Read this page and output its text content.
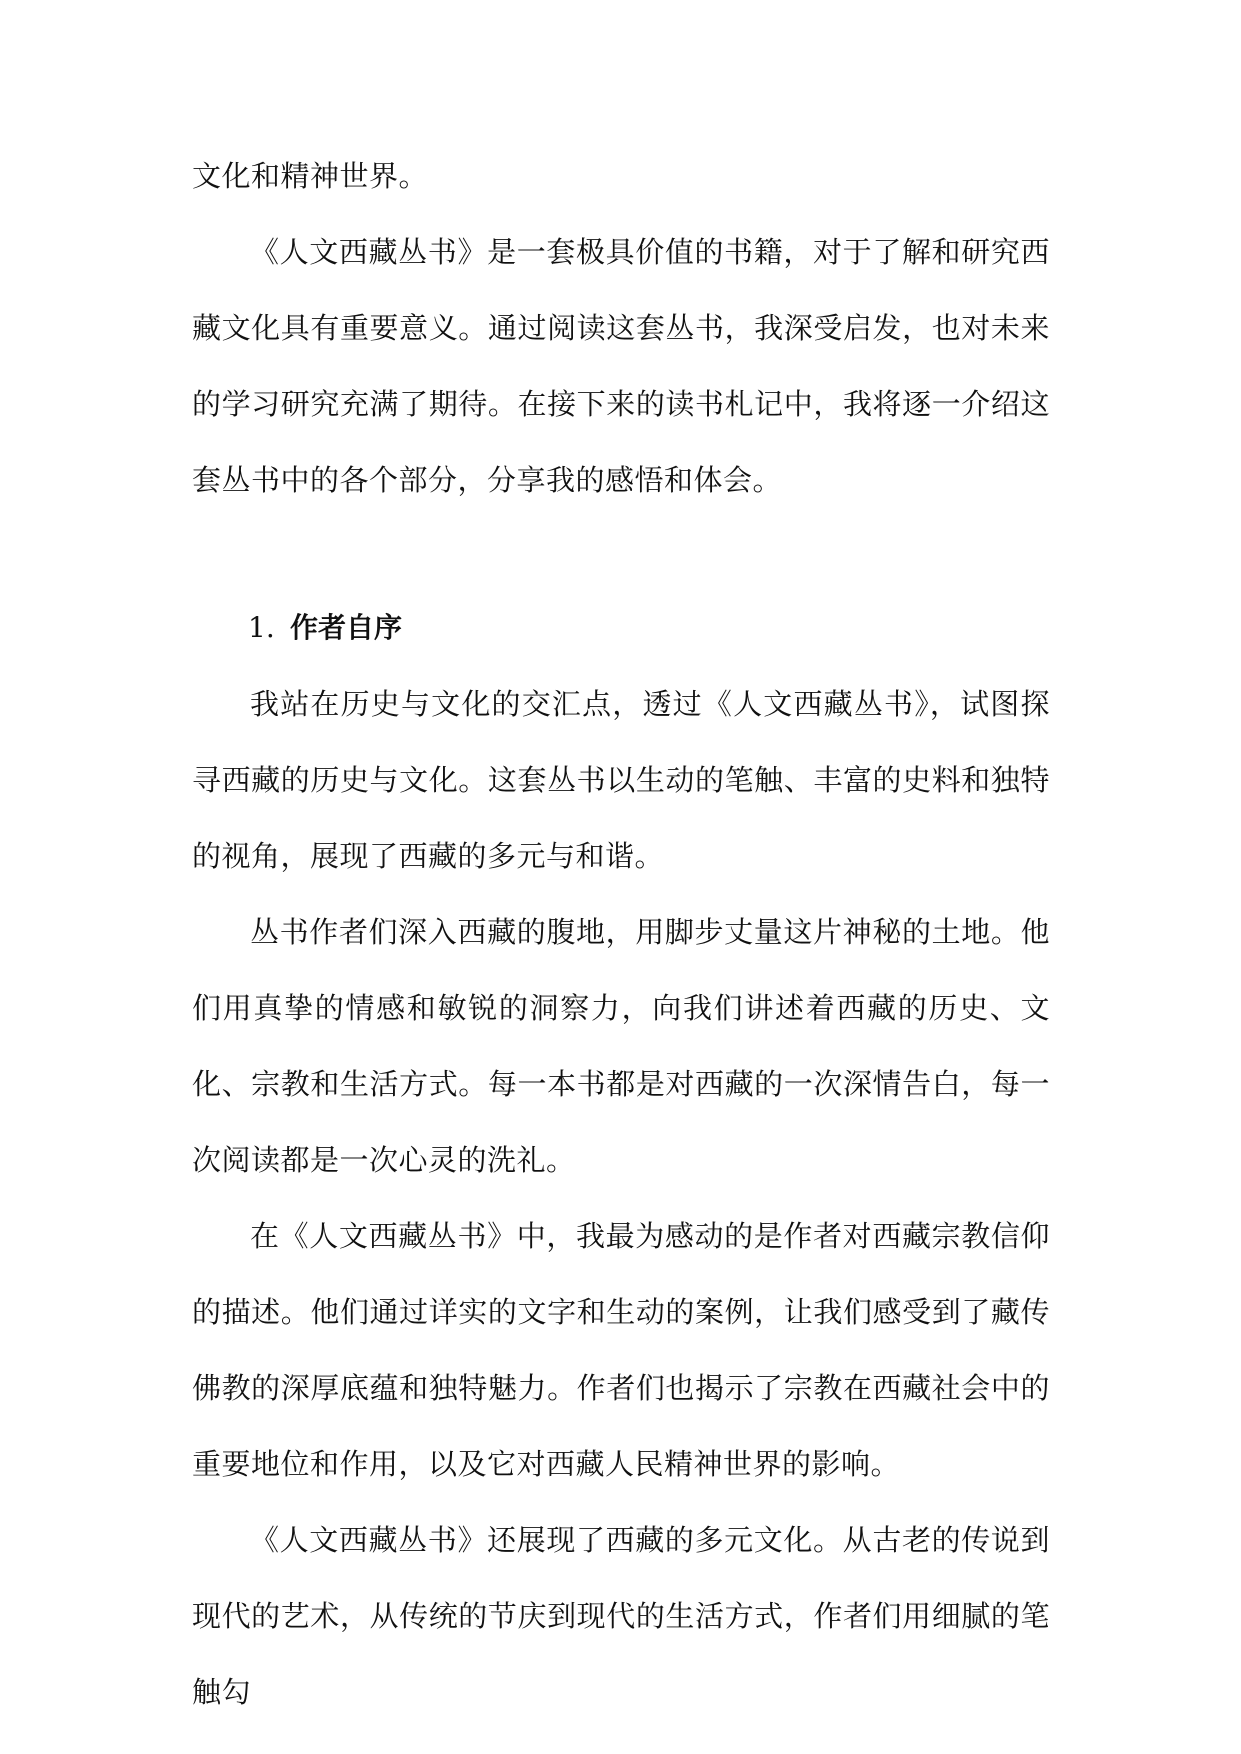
文化和精神世界。

《人文西藏丛书》是一套极具价值的书籍，对于了解和研究西藏文化具有重要意义。通过阅读这套丛书，我深受启发，也对未来的学习研究充满了期待。在接下来的读书札记中，我将逐一介绍这套丛书中的各个部分，分享我的感悟和体会。

1. 作者自序

我站在历史与文化的交汇点，透过《人文西藏丛书》，试图探寻西藏的历史与文化。这套丛书以生动的笔触、丰富的史料和独特的视角，展现了西藏的多元与和谐。

丛书作者们深入西藏的腹地，用脚步丈量这片神秘的土地。他们用真挚的情感和敏锐的洞察力，向我们讲述着西藏的历史、文化、宗教和生活方式。每一本书都是对西藏的一次深情告白，每一次阅读都是一次心灵的洗礼。

在《人文西藏丛书》中，我最为感动的是作者对西藏宗教信仰的描述。他们通过详实的文字和生动的案例，让我们感受到了藏传佛教的深厚底蕴和独特魅力。作者们也揭示了宗教在西藏社会中的重要地位和作用，以及它对西藏人民精神世界的影响。

《人文西藏丛书》还展现了西藏的多元文化。从古老的传说到现代的艺术，从传统的节庆到现代的生活方式，作者们用细腻的笔触勾
